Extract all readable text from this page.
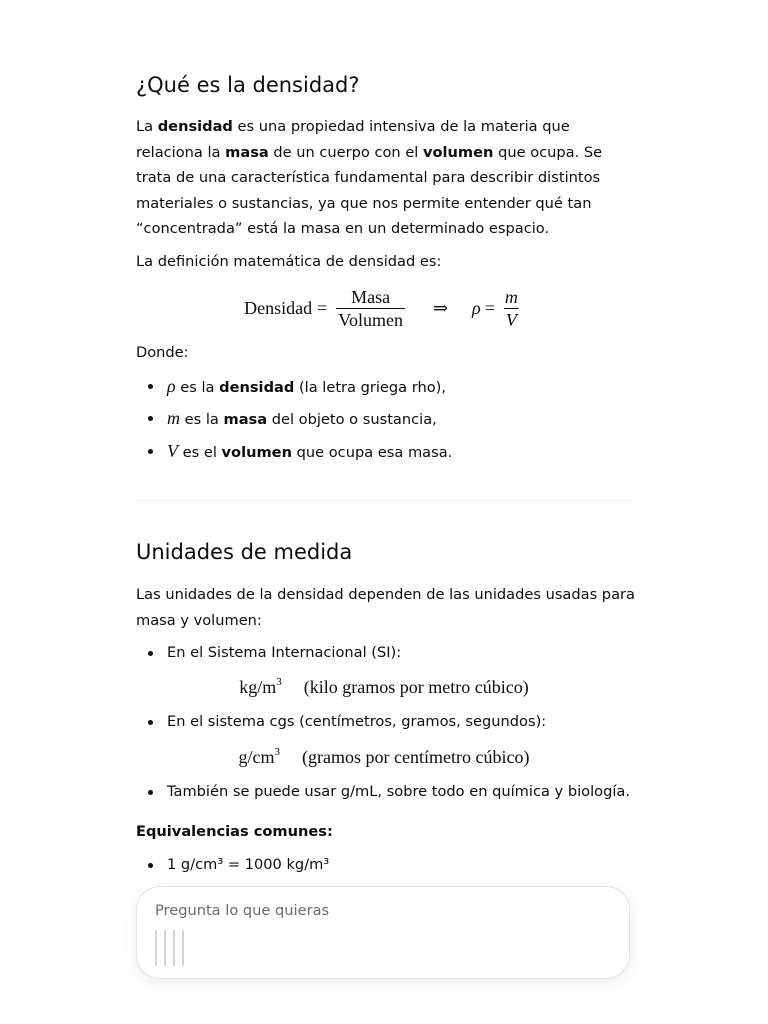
¿Qué es la densidad?

La densidad es una propiedad intensiva de la materia que relaciona la masa de un cuerpo con el volumen que ocupa. Se trata de una característica fundamental para describir distintos materiales o sustancias, ya que nos permite entender qué tan “concentrada” está la masa en un determinado espacio.

La definición matemática de densidad es:
Densidad = $\frac{\text{Masa}}{\text{Volumen}}$ ⇒ $\rho = \frac{m}{V}$
Donde:
ρ es la densidad (la letra griega rho),
m es la masa del objeto o sustancia,
V es el volumen que ocupa esa masa.
Unidades de medida

Las unidades de la densidad dependen de las unidades usadas para masa y volumen:

En el Sistema Internacional (SI):
En el sistema cgs (centímetros, gramos, segundos):
También se puede usar g/mL, sobre todo en química y biología.
$kg/m^3$ (kilo gramos por metro cúbico)
$g/cm^3$ (gramos por centímetro cúbico)
Equivalencias comunes:
1 g/cm³ = 1000 kg/m³
Pregunta lo que quieras
